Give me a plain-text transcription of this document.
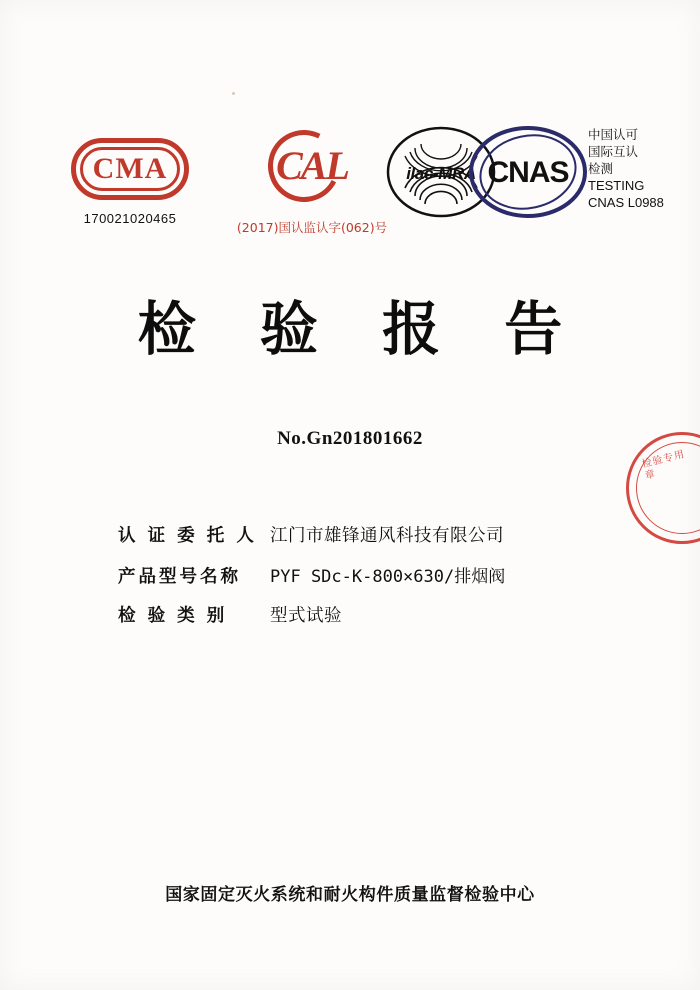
CMA
170021020465
CAL
(2017)国认监认字(062)号
ilac-MRA CNAS
中国认可
国际互认
检测
TESTING
CNAS L0988
检 验 报 告
No.Gn201801662
检验专用章
认 证 委 托 人 江门市雄锋通风科技有限公司
产品型号名称	PYF SDc-K-800×630/排烟阀
检 验 类 别	型式试验
国家固定灭火系统和耐火构件质量监督检验中心
